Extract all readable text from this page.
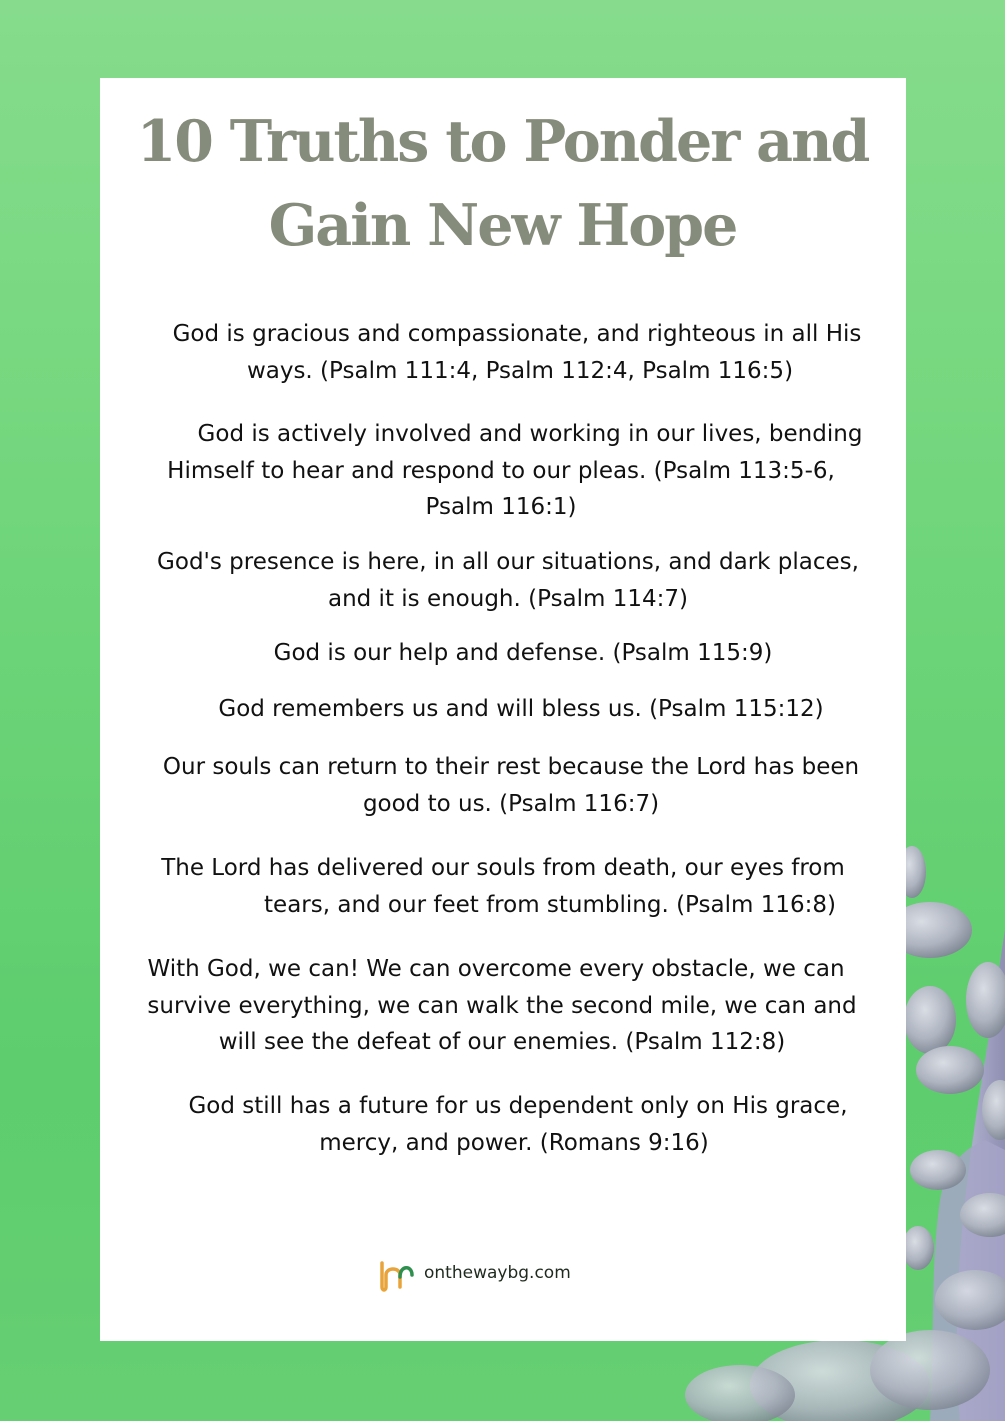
10 Truths to Ponder and
Gain New Hope
God is gracious and compassionate, and righteous in all His
ways. (Psalm 111:4, Psalm 112:4, Psalm 116:5)
God is actively involved and working in our lives, bending
Himself to hear and respond to our pleas. (Psalm 113:5-6,
Psalm 116:1)
God's presence is here, in all our situations, and dark places,
and it is enough. (Psalm 114:7)
God is our help and defense. (Psalm 115:9)
God remembers us and will bless us. (Psalm 115:12)
Our souls can return to their rest because the Lord has been
good to us. (Psalm 116:7)
The Lord has delivered our souls from death, our eyes from
tears, and our feet from stumbling. (Psalm 116:8)
With God, we can! We can overcome every obstacle, we can
survive everything, we can walk the second mile, we can and
will see the defeat of our enemies. (Psalm 112:8)
God still has a future for us dependent only on His grace,
mercy, and power. (Romans 9:16)
onthewaybg.com
